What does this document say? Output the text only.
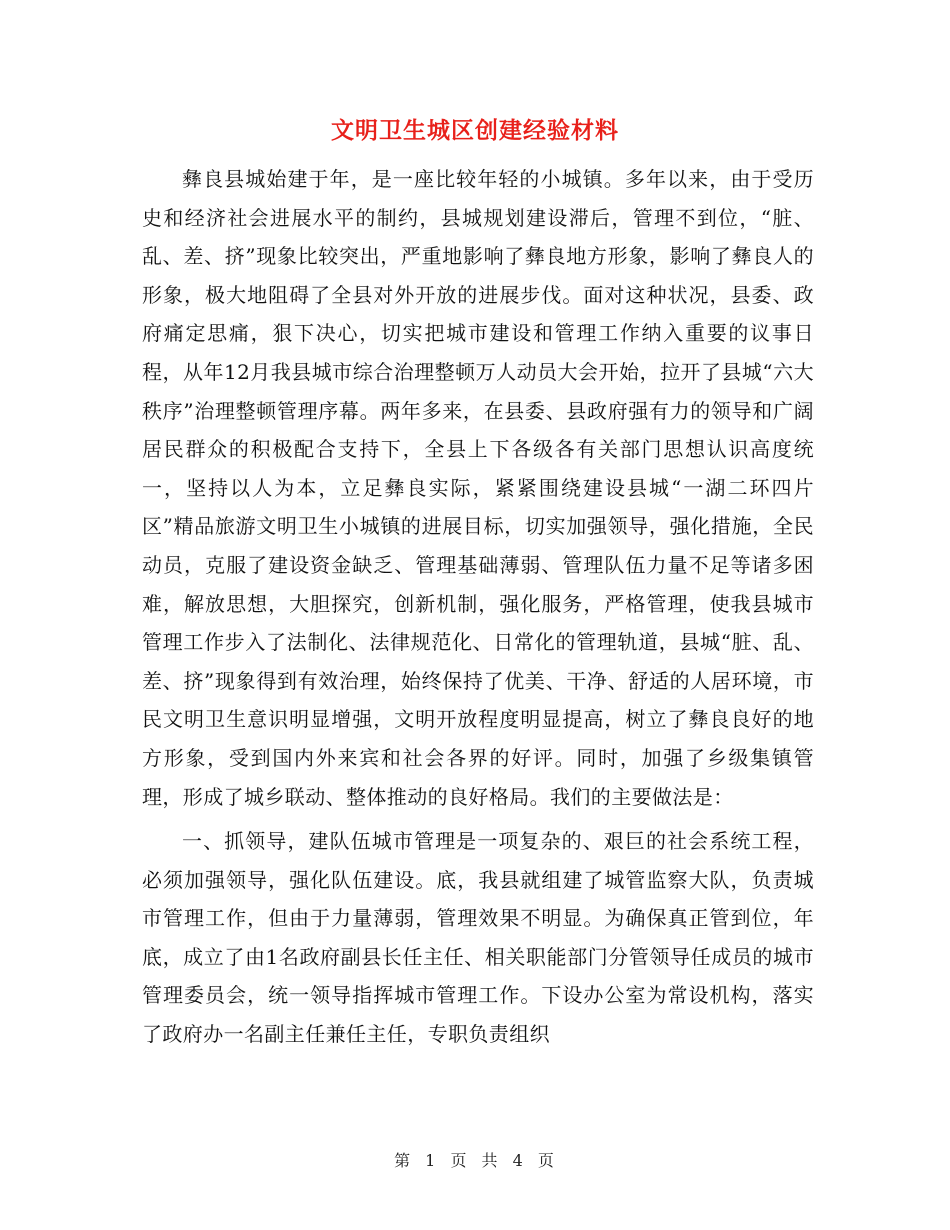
文明卫生城区创建经验材料

彝良县城始建于年，是一座比较年轻的小城镇。多年以来，由于受历史和经济社会进展水平的制约，县城规划建设滞后，管理不到位，“脏、乱、差、挤”现象比较突出，严重地影响了彝良地方形象，影响了彝良人的形象，极大地阻碍了全县对外开放的进展步伐。面对这种状况，县委、政府痛定思痛，狠下决心，切实把城市建设和管理工作纳入重要的议事日程，从年12月我县城市综合治理整顿万人动员大会开始，拉开了县城“六大秩序”治理整顿管理序幕。两年多来，在县委、县政府强有力的领导和广阔居民群众的积极配合支持下，全县上下各级各有关部门思想认识高度统一，坚持以人为本，立足彝良实际，紧紧围绕建设县城“一湖二环四片区”精品旅游文明卫生小城镇的进展目标，切实加强领导，强化措施，全民动员，克服了建设资金缺乏、管理基础薄弱、管理队伍力量不足等诸多困难，解放思想，大胆探究，创新机制，强化服务，严格管理，使我县城市管理工作步入了法制化、法律规范化、日常化的管理轨道，县城“脏、乱、差、挤”现象得到有效治理，始终保持了优美、干净、舒适的人居环境，市民文明卫生意识明显增强，文明开放程度明显提高，树立了彝良良好的地方形象，受到国内外来宾和社会各界的好评。同时，加强了乡级集镇管理，形成了城乡联动、整体推动的良好格局。我们的主要做法是：

一、抓领导，建队伍城市管理是一项复杂的、艰巨的社会系统工程，必须加强领导，强化队伍建设。底，我县就组建了城管监察大队，负责城市管理工作，但由于力量薄弱，管理效果不明显。为确保真正管到位，年底，成立了由1名政府副县长任主任、相关职能部门分管领导任成员的城市管理委员会，统一领导指挥城市管理工作。下设办公室为常设机构，落实了政府办一名副主任兼任主任，专职负责组织

第 1 页 共 4 页
